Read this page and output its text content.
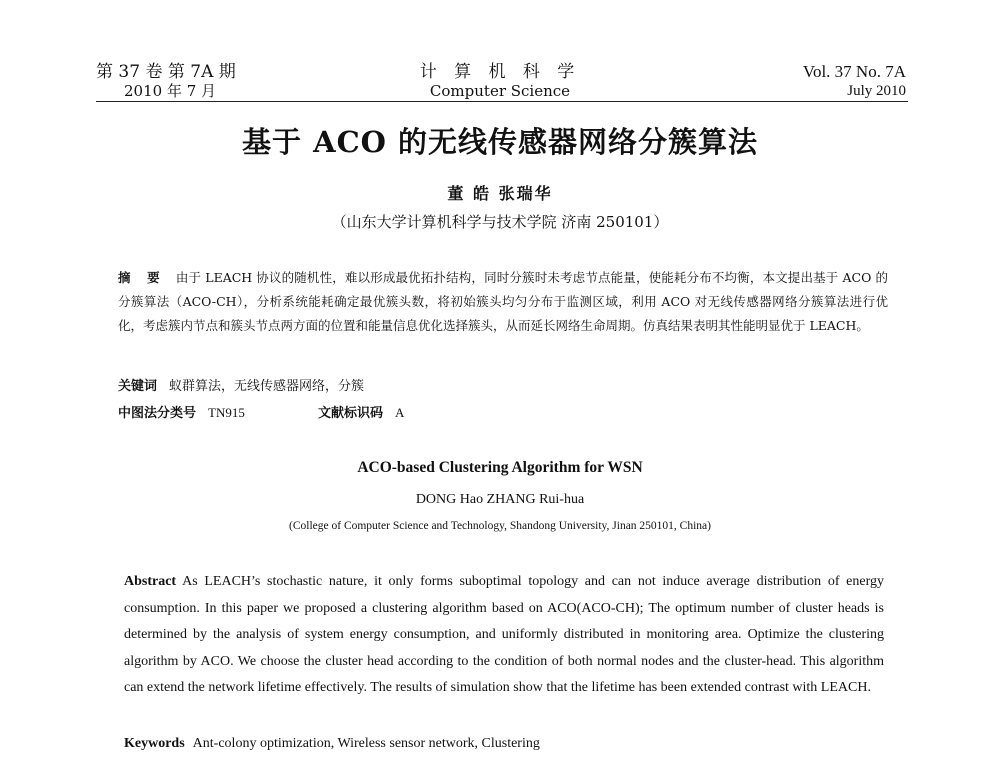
第 37 卷 第 7A 期
2010 年 7 月
计 算 机 科 学
Computer Science
Vol. 37 No. 7A
July 2010
基于 ACO 的无线传感器网络分簇算法
董 皓 张瑞华
（山东大学计算机科学与技术学院 济南 250101）
摘 要 由于 LEACH 协议的随机性，难以形成最优拓扑结构，同时分簇时未考虑节点能量，使能耗分布不均衡，本文提出基于 ACO 的分簇算法（ACO-CH），分析系统能耗确定最优簇头数，将初始簇头均匀分布于监测区域，利用 ACO 对无线传感器网络分簇算法进行优化，考虑簇内节点和簇头节点两方面的位置和能量信息优化选择簇头，从而延长网络生命周期。仿真结果表明其性能明显优于 LEACH。
关键词 蚁群算法，无线传感器网络，分簇
中图法分类号 TN915	文献标识码 A
ACO-based Clustering Algorithm for WSN
DONG Hao ZHANG Rui-hua
(College of Computer Science and Technology, Shandong University, Jinan 250101, China)
Abstract As LEACH’s stochastic nature, it only forms suboptimal topology and can not induce average distribution of energy consumption. In this paper we proposed a clustering algorithm based on ACO(ACO-CH); The optimum number of cluster heads is determined by the analysis of system energy consumption, and uniformly distributed in monitoring area. Optimize the clustering algorithm by ACO. We choose the cluster head according to the condition of both normal nodes and the cluster-head. This algorithm can extend the network lifetime effectively. The results of simulation show that the lifetime has been extended contrast with LEACH.
Keywords Ant-colony optimization, Wireless sensor network, Clustering
